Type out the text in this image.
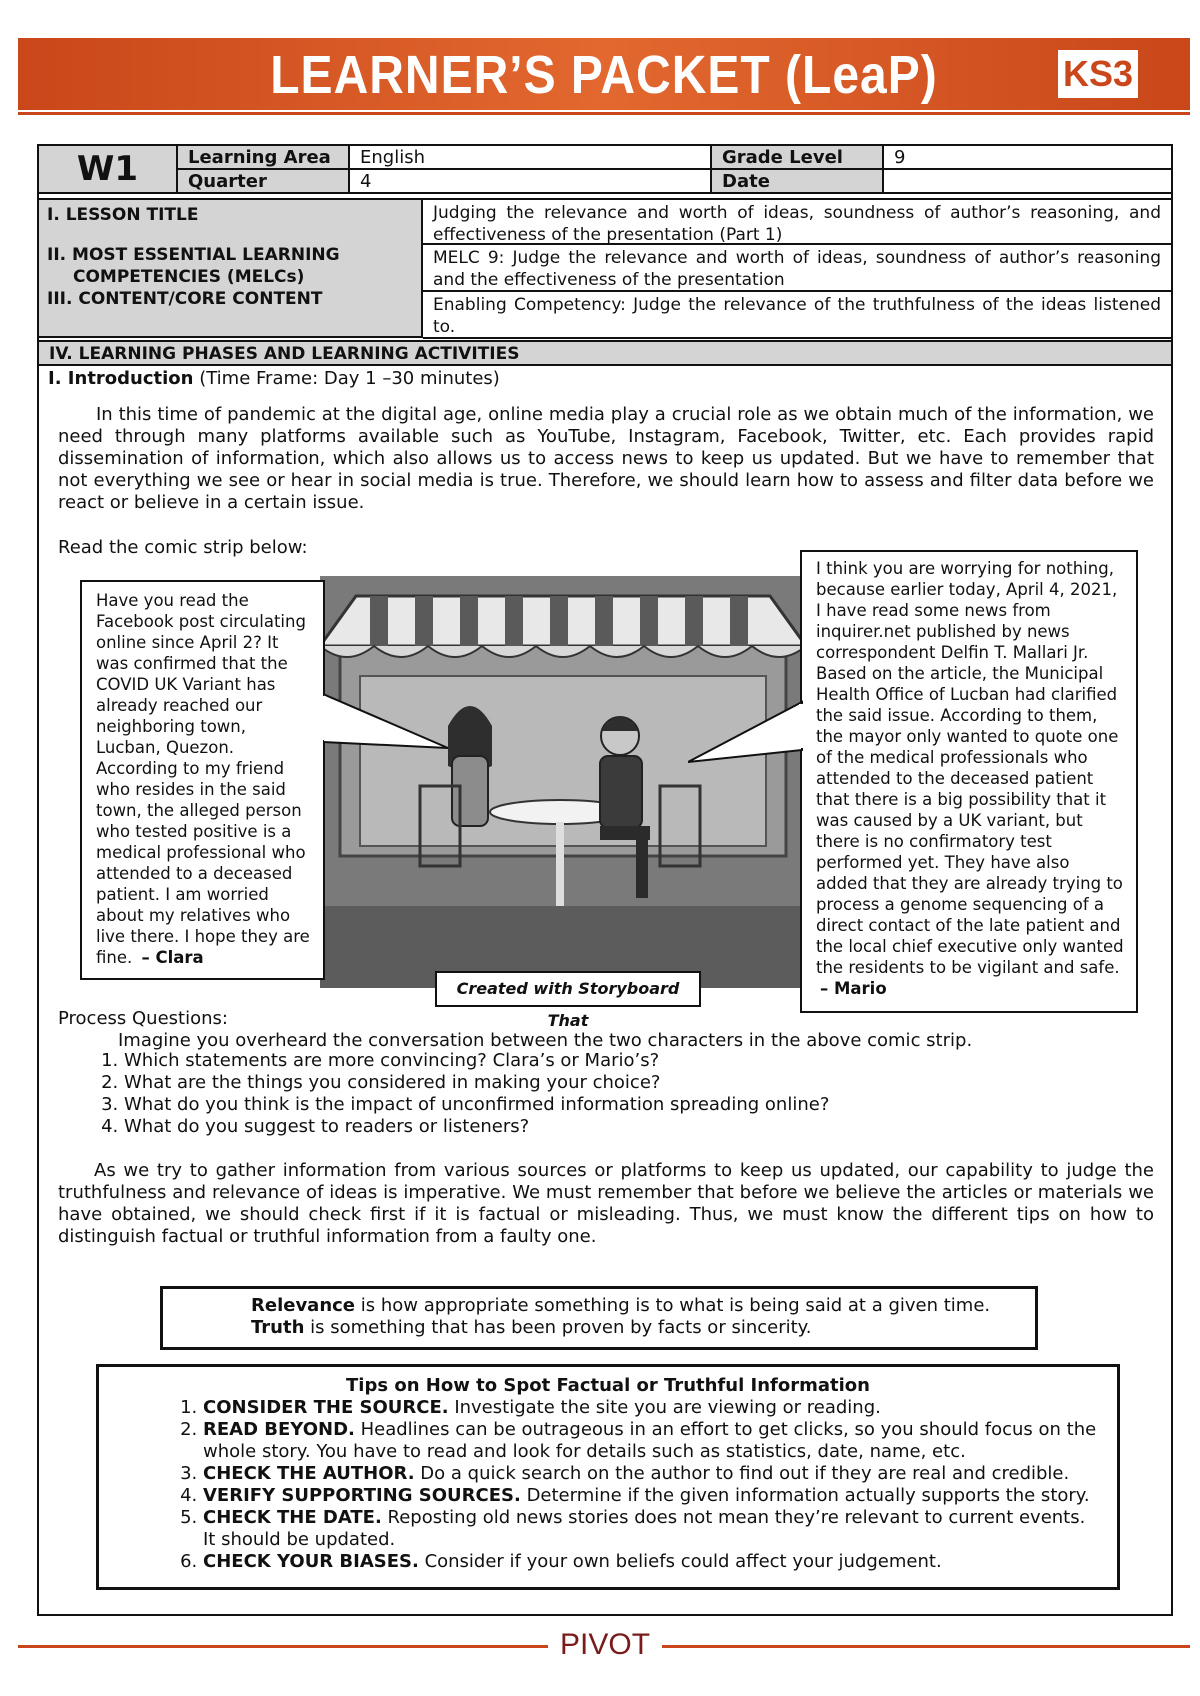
LEARNER’S PACKET (LeaP)	KS3
W1	Learning Area	English	Grade Level	9
	Quarter	4	Date	
I. LESSON TITLE
II. MOST ESSENTIAL LEARNING
COMPETENCIES (MELCs)
III. CONTENT/CORE CONTENT
Judging the relevance and worth of ideas, soundness of author’s reasoning, and effectiveness of the presentation (Part 1)
MELC 9: Judge the relevance and worth of ideas, soundness of author’s reasoning and the effectiveness of the presentation
Enabling Competency: Judge the relevance of the truthfulness of the ideas listened to.
IV. LEARNING PHASES AND LEARNING ACTIVITIES
I. Introduction (Time Frame: Day 1 –30 minutes)
In this time of pandemic at the digital age, online media play a crucial role as we obtain much of the information, we need through many platforms available such as YouTube, Instagram, Facebook, Twitter, etc. Each provides rapid dissemination of information, which also allows us to access news to keep us updated. But we have to remember that not everything we see or hear in social media is true. Therefore, we should learn how to assess and filter data before we react or believe in a certain issue.
Read the comic strip below:
Have you read the Facebook post circulating online since April 2? It was confirmed that the COVID UK Variant has already reached our neighboring town, Lucban, Quezon. According to my friend who resides in the said town, the alleged person who tested positive is a medical professional who attended to a deceased patient. I am worried about my relatives who live there. I hope they are fine. – Clara
I think you are worrying for nothing, because earlier today, April 4, 2021, I have read some news from inquirer.net published by news correspondent Delfin T. Mallari Jr. Based on the article, the Municipal Health Office of Lucban had clarified the said issue. According to them, the mayor only wanted to quote one of the medical professionals who attended to the deceased patient that there is a big possibility that it was caused by a UK variant, but there is no confirmatory test performed yet. They have also added that they are already trying to process a genome sequencing of a direct contact of the late patient and the local chief executive only wanted the residents to be vigilant and safe. – Mario
Created with Storyboard That
Process Questions:
Imagine you overheard the conversation between the two characters in the above comic strip.
1. Which statements are more convincing? Clara’s or Mario’s?
2. What are the things you considered in making your choice?
3. What do you think is the impact of unconfirmed information spreading online?
4. What do you suggest to readers or listeners?
As we try to gather information from various sources or platforms to keep us updated, our capability to judge the truthfulness and relevance of ideas is imperative. We must remember that before we believe the articles or materials we have obtained, we should check first if it is factual or misleading. Thus, we must know the different tips on how to distinguish factual or truthful information from a faulty one.
Relevance is how appropriate something is to what is being said at a given time.
Truth is something that has been proven by facts or sincerity.
Tips on How to Spot Factual or Truthful Information
1. CONSIDER THE SOURCE. Investigate the site you are viewing or reading.
2. READ BEYOND. Headlines can be outrageous in an effort to get clicks, so you should focus on the whole story. You have to read and look for details such as statistics, date, name, etc.
3. CHECK THE AUTHOR. Do a quick search on the author to find out if they are real and credible.
4. VERIFY SUPPORTING SOURCES. Determine if the given information actually supports the story.
5. CHECK THE DATE. Reposting old news stories does not mean they’re relevant to current events. It should be updated.
6. CHECK YOUR BIASES. Consider if your own beliefs could affect your judgement.
PIVOT
